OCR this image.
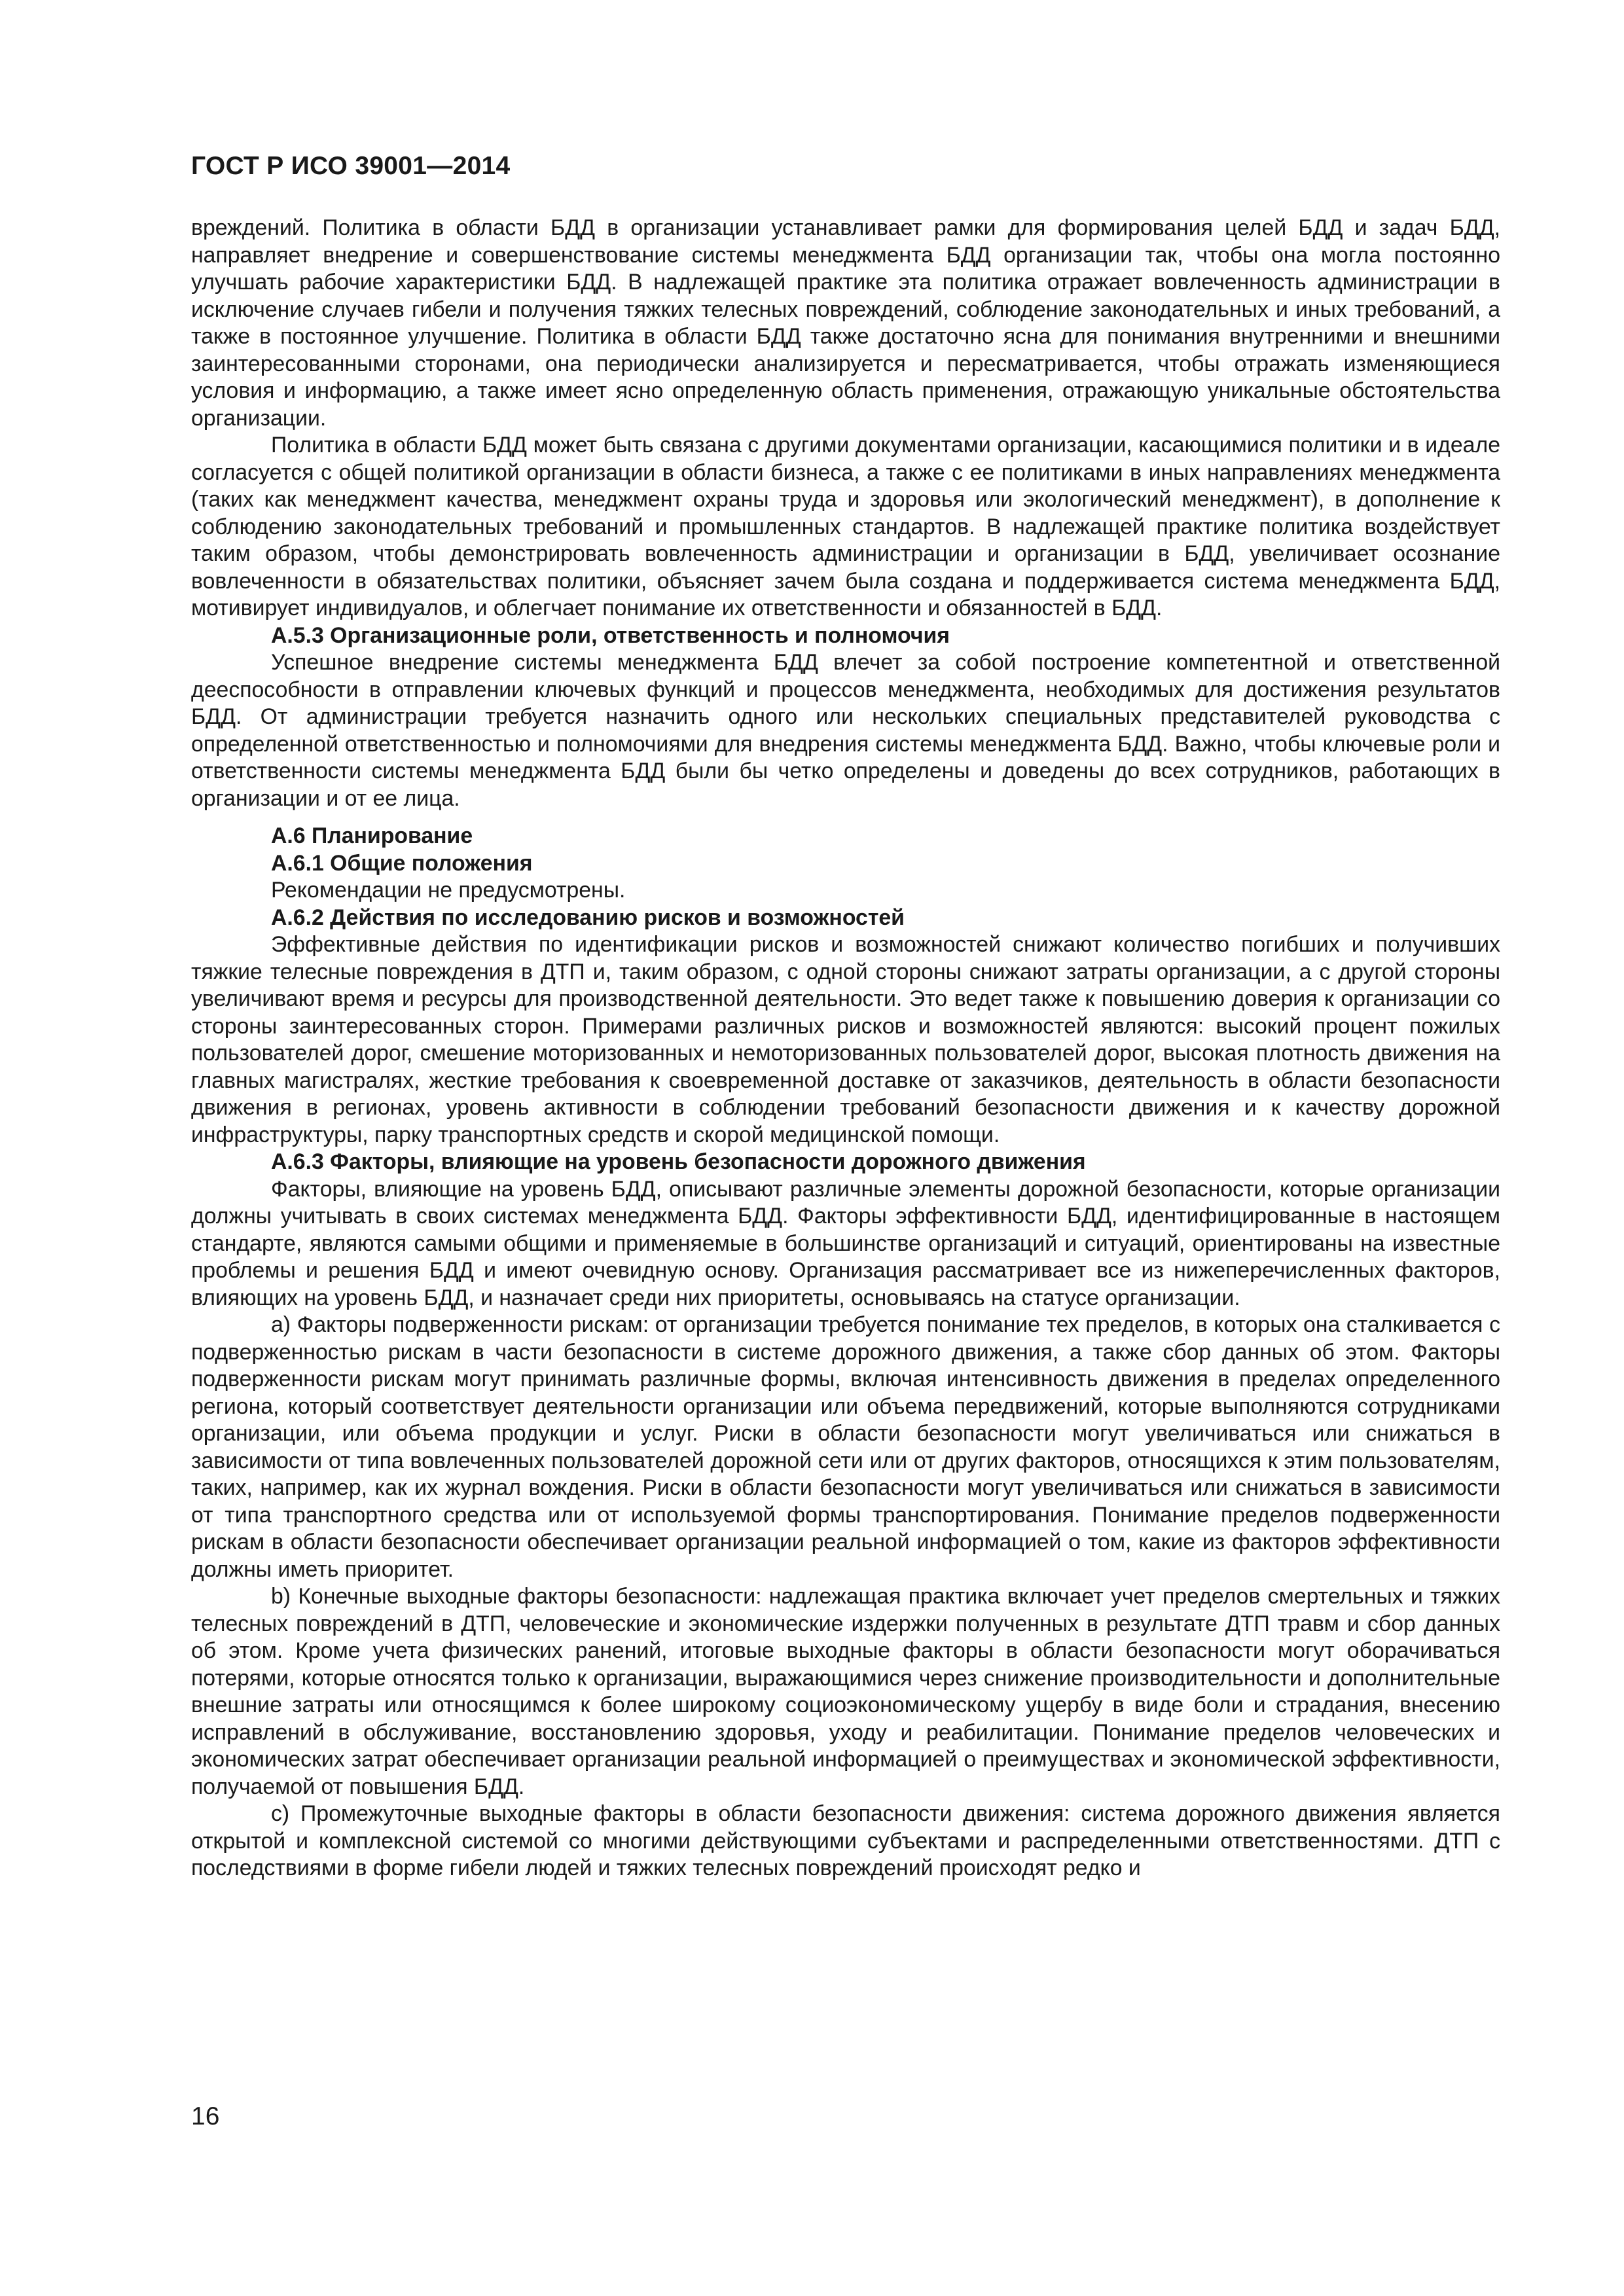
ГОСТ Р ИСО 39001—2014

вреждений. Политика в области БДД в организации устанавливает рамки для формирования целей БДД и задач БДД, направляет внедрение и совершенствование системы менеджмента БДД организации так, чтобы она могла постоянно улучшать рабочие характеристики БДД. В надлежащей практике эта политика отражает вовлеченность администрации в исключение случаев гибели и получения тяжких телесных повреждений, соблюдение законодательных и иных требований, а также в постоянное улучшение. Политика в области БДД также достаточно ясна для понимания внутренними и внешними заинтересованными сторонами, она периодически анализируется и пересматривается, чтобы отражать изменяющиеся условия и информацию, а также имеет ясно определенную область применения, отражающую уникальные обстоятельства организации.

Политика в области БДД может быть связана с другими документами организации, касающимися политики и в идеале согласуется с общей политикой организации в области бизнеса, а также с ее политиками в иных направлениях менеджмента (таких как менеджмент качества, менеджмент охраны труда и здоровья или экологический менеджмент), в дополнение к соблюдению законодательных требований и промышленных стандартов. В надлежащей практике политика воздействует таким образом, чтобы демонстрировать вовлеченность администрации и организации в БДД, увеличивает осознание вовлеченности в обязательствах политики, объясняет зачем была создана и поддерживается система менеджмента БДД, мотивирует индивидуалов, и облегчает понимание их ответственности и обязанностей в БДД.

А.5.3 Организационные роли, ответственность и полномочия

Успешное внедрение системы менеджмента БДД влечет за собой построение компетентной и ответственной дееспособности в отправлении ключевых функций и процессов менеджмента, необходимых для достижения результатов БДД. От администрации требуется назначить одного или нескольких специальных представителей руководства с определенной ответственностью и полномочиями для внедрения системы менеджмента БДД. Важно, чтобы ключевые роли и ответственности системы менеджмента БДД были бы четко определены и доведены до всех сотрудников, работающих в организации и от ее лица.

А.6 Планирование
А.6.1 Общие положения

Рекомендации не предусмотрены.

А.6.2 Действия по исследованию рисков и возможностей

Эффективные действия по идентификации рисков и возможностей снижают количество погибших и получивших тяжкие телесные повреждения в ДТП и, таким образом, с одной стороны снижают затраты организации, а с другой стороны увеличивают время и ресурсы для производственной деятельности. Это ведет также к повышению доверия к организации со стороны заинтересованных сторон. Примерами различных рисков и возможностей являются: высокий процент пожилых пользователей дорог, смешение моторизованных и немоторизованных пользователей дорог, высокая плотность движения на главных магистралях, жесткие требования к своевременной доставке от заказчиков, деятельность в области безопасности движения в регионах, уровень активности в соблюдении требований безопасности движения и к качеству дорожной инфраструктуры, парку транспортных средств и скорой медицинской помощи.

А.6.3 Факторы, влияющие на уровень безопасности дорожного движения

Факторы, влияющие на уровень БДД, описывают различные элементы дорожной безопасности, которые организации должны учитывать в своих системах менеджмента БДД. Факторы эффективности БДД, идентифицированные в настоящем стандарте, являются самыми общими и применяемые в большинстве организаций и ситуаций, ориентированы на известные проблемы и решения БДД и имеют очевидную основу. Организация рассматривает все из нижеперечисленных факторов, влияющих на уровень БДД, и назначает среди них приоритеты, основываясь на статусе организации.

a) Факторы подверженности рискам: от организации требуется понимание тех пределов, в которых она сталкивается с подверженностью рискам в части безопасности в системе дорожного движения, а также сбор данных об этом. Факторы подверженности рискам могут принимать различные формы, включая интенсивность движения в пределах определенного региона, который соответствует деятельности организации или объема передвижений, которые выполняются сотрудниками организации, или объема продукции и услуг. Риски в области безопасности могут увеличиваться или снижаться в зависимости от типа вовлеченных пользователей дорожной сети или от других факторов, относящихся к этим пользователям, таких, например, как их журнал вождения. Риски в области безопасности могут увеличиваться или снижаться в зависимости от типа транспортного средства или от используемой формы транспортирования. Понимание пределов подверженности рискам в области безопасности обеспечивает организации реальной информацией о том, какие из факторов эффективности должны иметь приоритет.

b) Конечные выходные факторы безопасности: надлежащая практика включает учет пределов смертельных и тяжких телесных повреждений в ДТП, человеческие и экономические издержки полученных в результате ДТП травм и сбор данных об этом. Кроме учета физических ранений, итоговые выходные факторы в области безопасности могут оборачиваться потерями, которые относятся только к организации, выражающимися через снижение производительности и дополнительные внешние затраты или относящимся к более широкому социоэкономическому ущербу в виде боли и страдания, внесению исправлений в обслуживание, восстановлению здоровья, уходу и реабилитации. Понимание пределов человеческих и экономических затрат обеспечивает организации реальной информацией о преимуществах и экономической эффективности, получаемой от повышения БДД.

c) Промежуточные выходные факторы в области безопасности движения: система дорожного движения является открытой и комплексной системой со многими действующими субъектами и распределенными ответственностями. ДТП с последствиями в форме гибели людей и тяжких телесных повреждений происходят редко и

16
